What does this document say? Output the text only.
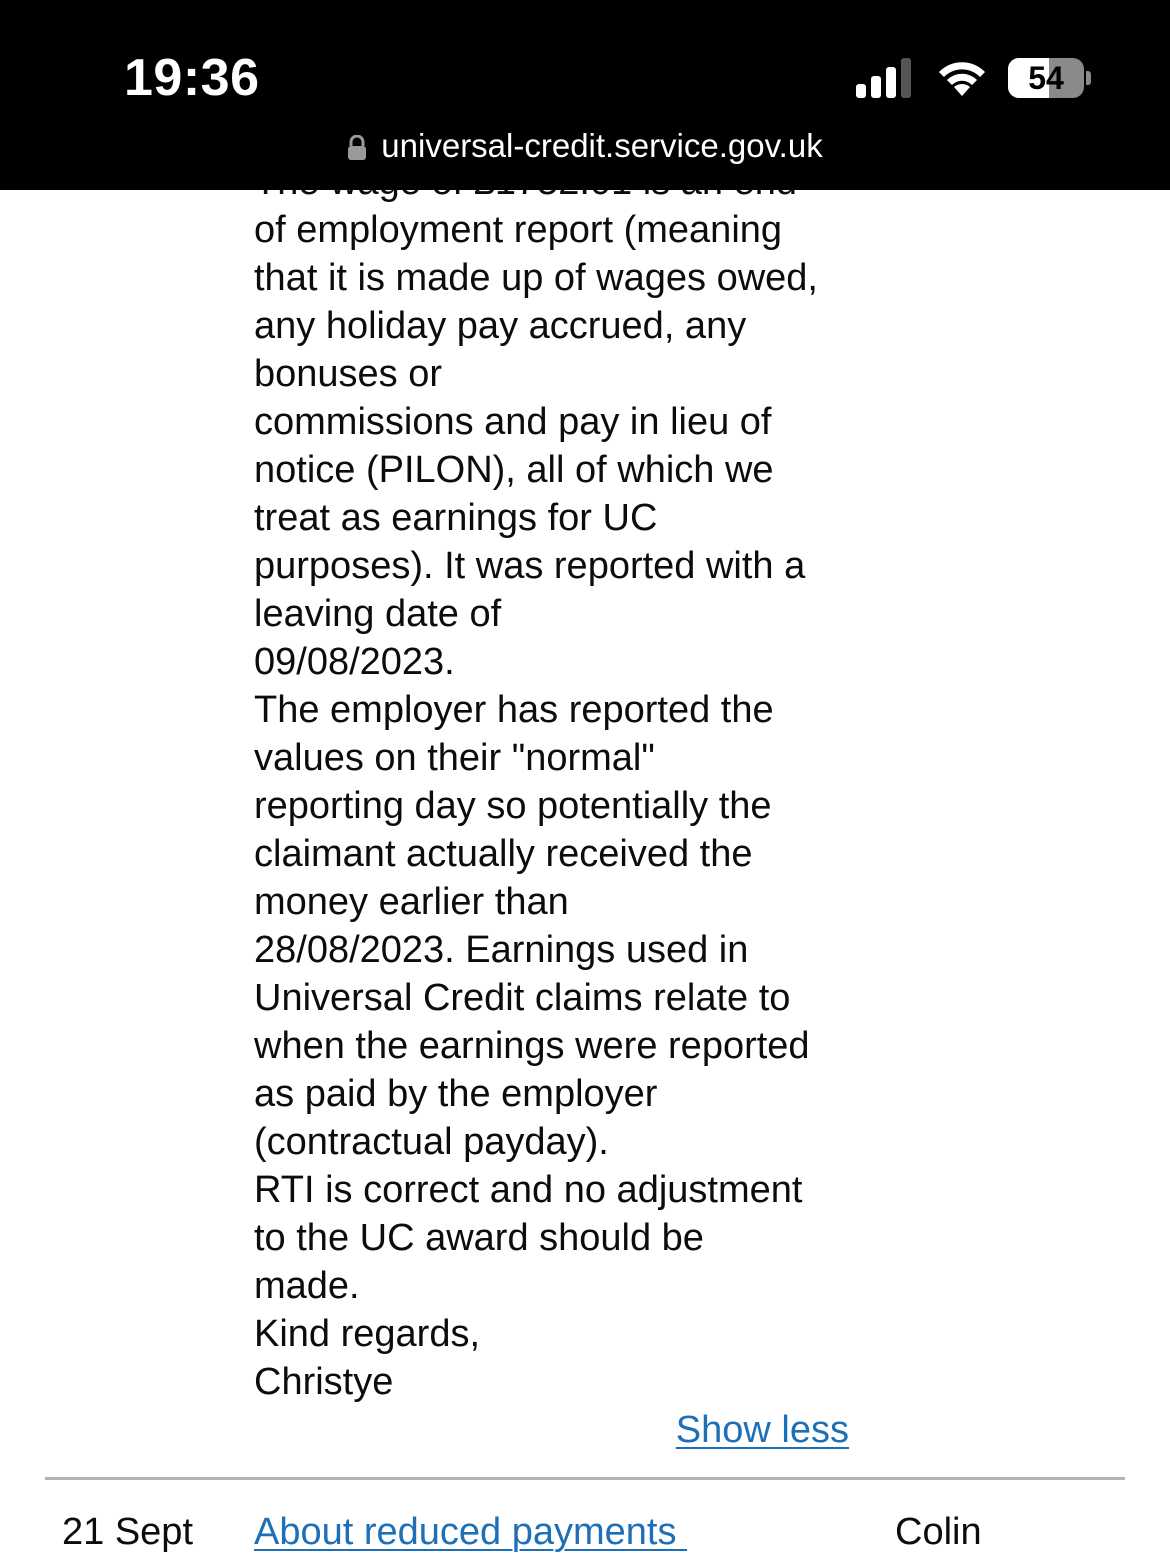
of employment report (meaning
that it is made up of wages owed,
any holiday pay accrued, any
bonuses or
commissions and pay in lieu of
notice (PILON), all of which we
treat as earnings for UC
purposes). It was reported with a
leaving date of
09/08/2023.
The employer has reported the
values on their "normal"
reporting day so potentially the
claimant actually received the
money earlier than
28/08/2023. Earnings used in
Universal Credit claims relate to
when the earnings were reported
as paid by the employer
(contractual payday).
RTI is correct and no adjustment
to the UC award should be
made.
Kind regards,
Christye
Show less
21 Sept About reduced payments	Colin
19:36	54
universal-credit.service.gov.uk
